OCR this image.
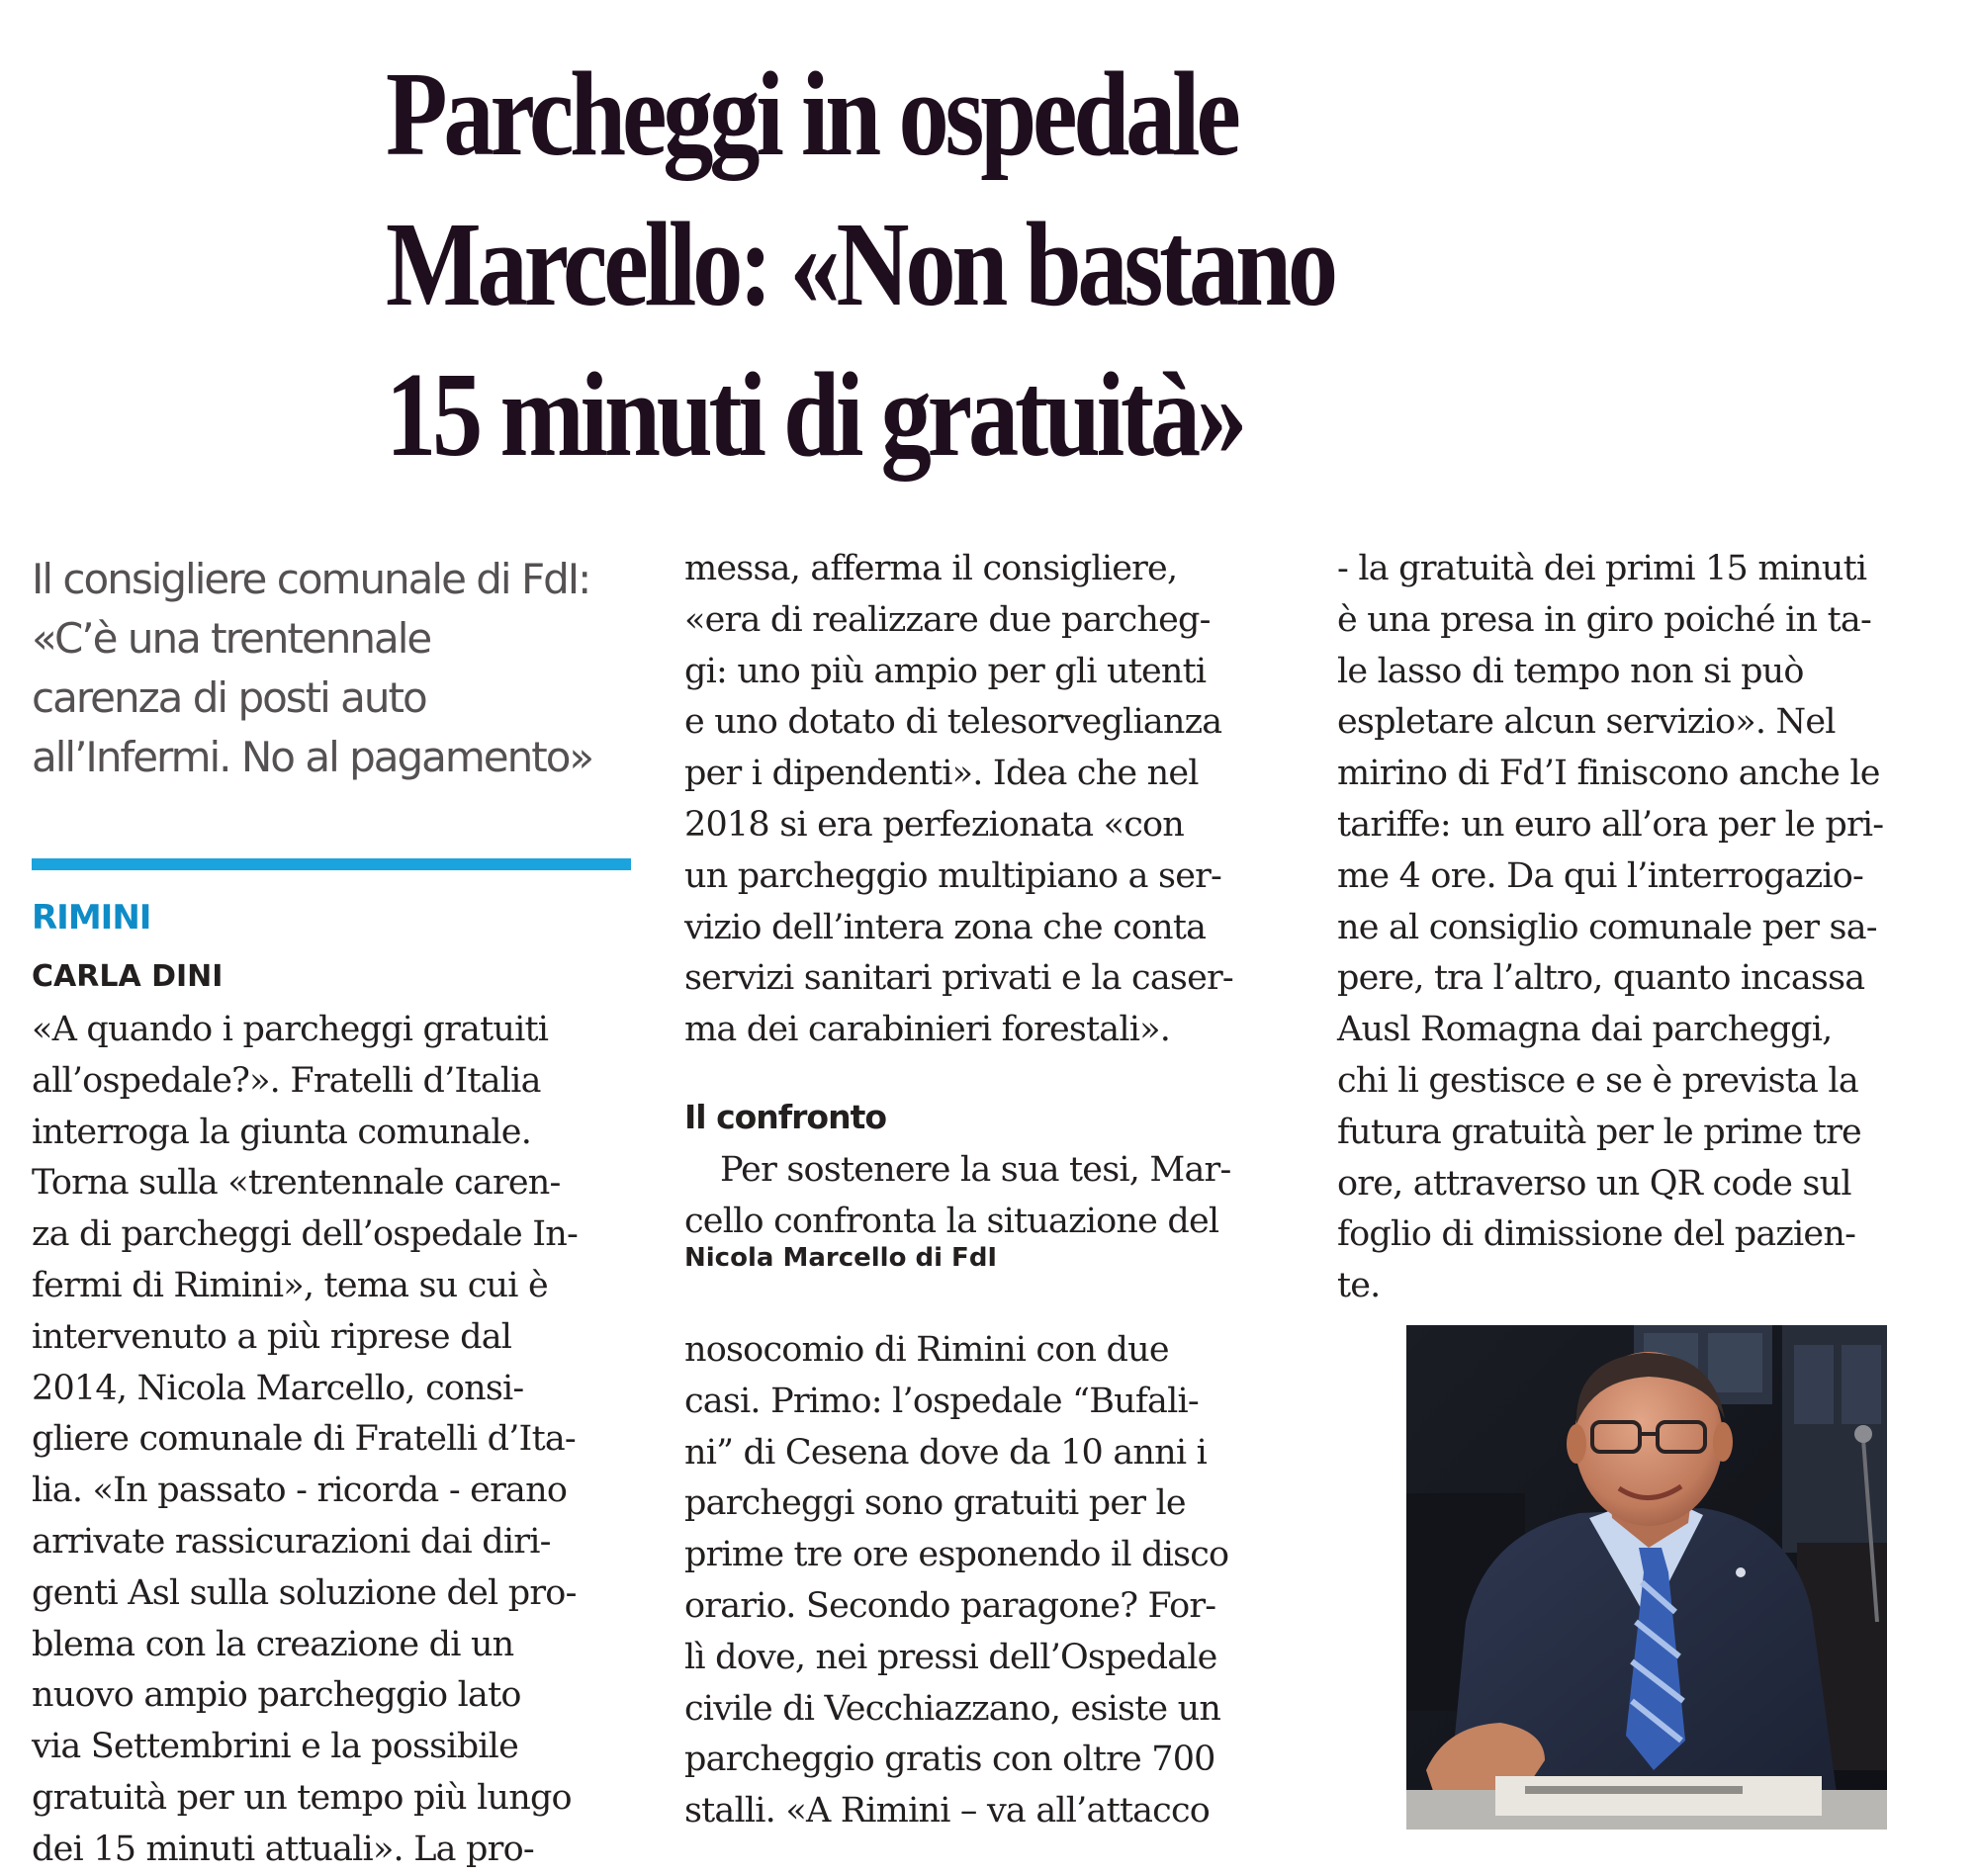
Parcheggi in ospedale
Marcello: «Non bastano
15 minuti di gratuità»
Il consigliere comunale di FdI:
«C’è una trentennale
carenza di posti auto
all’Infermi. No al pagamento»
RIMINI
CARLA DINI
«A quando i parcheggi gratuiti
all’ospedale?». Fratelli d’Italia
interroga la giunta comunale.
Torna sulla «trentennale caren-
za di parcheggi dell’ospedale In-
fermi di Rimini», tema su cui è
intervenuto a più riprese dal
2014, Nicola Marcello, consi-
gliere comunale di Fratelli d’Ita-
lia. «In passato - ricorda - erano
arrivate rassicurazioni dai diri-
genti Asl sulla soluzione del pro-
blema con la creazione di un
nuovo ampio parcheggio lato
via Settembrini e la possibile
gratuità per un tempo più lungo
dei 15 minuti attuali». La pro-
messa, afferma il consigliere,
«era di realizzare due parcheg-
gi: uno più ampio per gli utenti
e uno dotato di telesorveglianza
per i dipendenti». Idea che nel
2018 si era perfezionata «con
un parcheggio multipiano a ser-
vizio dell’intera zona che conta
servizi sanitari privati e la caser-
ma dei carabinieri forestali».
Il confronto
Per sostenere la sua tesi, Mar-
cello confronta la situazione del
Nicola Marcello di FdI
nosocomio di Rimini con due
casi. Primo: l’ospedale “Bufali-
ni” di Cesena dove da 10 anni i
parcheggi sono gratuiti per le
prime tre ore esponendo il disco
orario. Secondo paragone? For-
lì dove, nei pressi dell’Ospedale
civile di Vecchiazzano, esiste un
parcheggio gratis con oltre 700
stalli. «A Rimini – va all’attacco
- la gratuità dei primi 15 minuti
è una presa in giro poiché in ta-
le lasso di tempo non si può
espletare alcun servizio». Nel
mirino di Fd’I finiscono anche le
tariffe: un euro all’ora per le pri-
me 4 ore. Da qui l’interrogazio-
ne al consiglio comunale per sa-
pere, tra l’altro, quanto incassa
Ausl Romagna dai parcheggi,
chi li gestisce e se è prevista la
futura gratuità per le prime tre
ore, attraverso un QR code sul
foglio di dimissione del pazien-
te.
